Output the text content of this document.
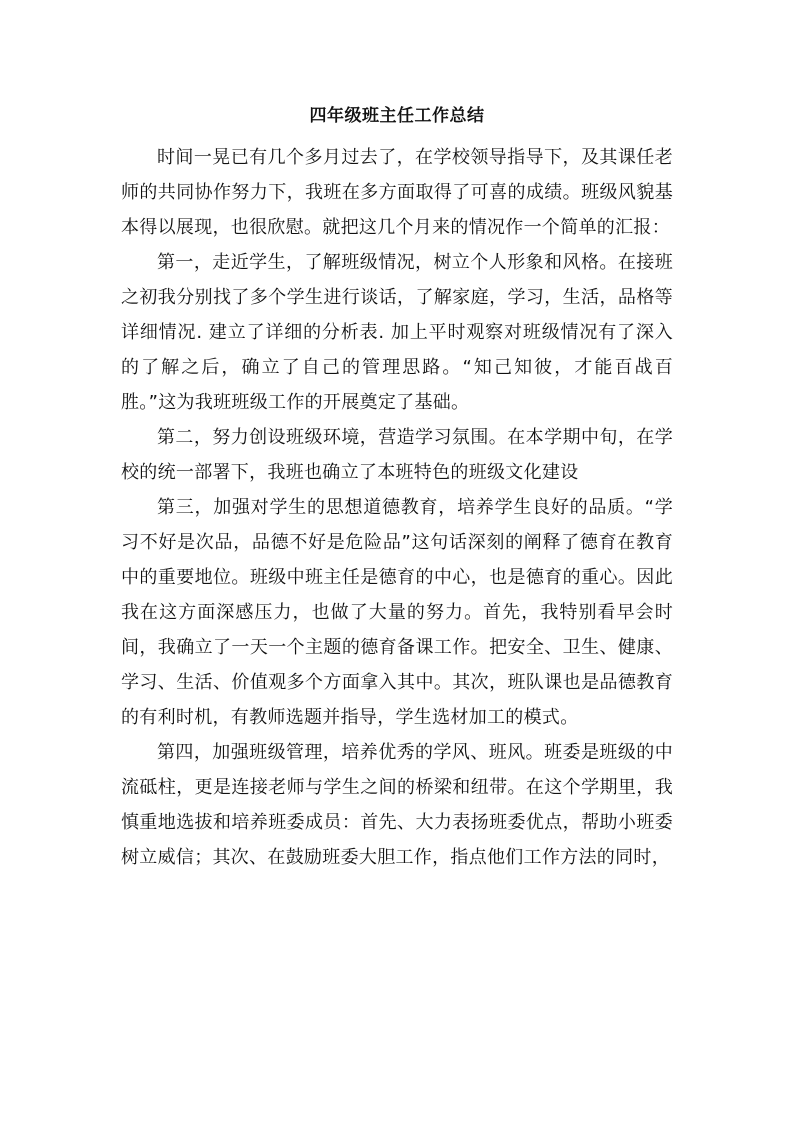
四年级班主任工作总结

时间一晃已有几个多月过去了，在学校领导指导下，及其课任老师的共同协作努力下，我班在多方面取得了可喜的成绩。班级风貌基本得以展现，也很欣慰。就把这几个月来的情况作一个简单的汇报：

第一，走近学生，了解班级情况，树立个人形象和风格。在接班之初我分别找了多个学生进行谈话，了解家庭，学习，生活，品格等详细情况. 建立了详细的分析表. 加上平时观察对班级情况有了深入的了解之后，确立了自己的管理思路。“知己知彼，才能百战百胜。”这为我班班级工作的开展奠定了基础。

第二，努力创设班级环境，营造学习氛围。在本学期中旬，在学校的统一部署下，我班也确立了本班特色的班级文化建设

第三，加强对学生的思想道德教育，培养学生良好的品质。“学习不好是次品，品德不好是危险品”这句话深刻的阐释了德育在教育中的重要地位。班级中班主任是德育的中心，也是德育的重心。因此我在这方面深感压力，也做了大量的努力。首先，我特别看早会时间，我确立了一天一个主题的德育备课工作。把安全、卫生、健康、学习、生活、价值观多个方面拿入其中。其次，班队课也是品德教育的有利时机，有教师选题并指导，学生选材加工的模式。

第四，加强班级管理，培养优秀的学风、班风。班委是班级的中流砥柱，更是连接老师与学生之间的桥梁和纽带。在这个学期里，我慎重地选拔和培养班委成员：首先、大力表扬班委优点，帮助小班委树立威信；其次、在鼓励班委大胆工作，指点他们工作方法的同时，
